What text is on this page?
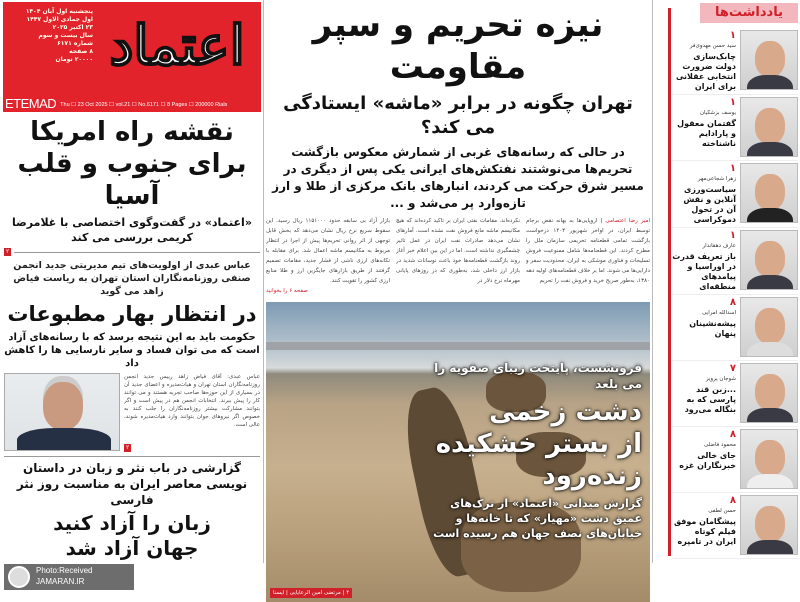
پنجشنبه اول آبان ۱۴۰۴
اول جمادی الاول ۱۴۴۷
۲۳ اکتبر ۲۰۲۵
سال بیست و سوم
شماره ۶۱۷۱
۸ صفحه
۲۰۰۰۰ تومان اعتماد
ETEMAD Thu ☐ 23 Oct 2025 ☐ vol.21 ☐ No.6171 ☐ 8 Pages ☐ 200000 Rials
نقشه راه امریکا
برای جنوب و قلب آسیا
«اعتماد» در گفت‌وگوی اختصاصی با غلامرضا کریمی بررسی می کند
۲
عباس عبدی از اولویت‌های تیم مدیریتی جدید انجمن صنفی روزنامه‌نگاران استان تهران به ریاست فیاض زاهد می گوید
در انتظار بهار مطبوعات
حکومت باید به این نتیجه برسد که با رسانه‌های آزاد است که می توان فساد و سایر نارسایی ها را کاهش داد
عباس عبدی: آقای فیاض زاهد رییس جدید انجمن روزنامه‌نگاران استان تهران و هیات‌مدیره و اعضای جدید آن در بسیاری از این حوزه‌ها صاحب تجربه هستند و می توانند کار را پیش ببرند. انتخابات انجمن هم در پیش است و اگر بتوانند مشارکت بیشتر روزنامه‌نگاران را جلب کنند به خصوص اگر نیروهای جوان بتوانند وارد هیات‌مدیره شوند، عالی است.
۲
گزارشی در باب نثر و زبان در داستان نویسی معاصر ایران به مناسبت روز نثر فارسی
زبان را آزاد کنید
جهان آزاد شد
Photo:Received
JAMARAN.IR
نیزه تحریم و سپر مقاومت
تهران چگونه در برابر «ماشه» ایستادگی می کند؟
در حالی که رسانه‌های غربی از شمارش معکوس بازگشت تحریم‌ها می‌نوشتند نفتکش‌های ایرانی یکی پس از دیگری در مسیر شرق حرکت می کردند، انبارهای بانک مرکزی از طلا و ارز تازه‌وارد پر می‌شد و ...
امیر رضا اعتصامی | اروپایی‌ها به بهانه نقض برجام توسط ایران، در اواخر شهریور ۱۴۰۴ درخواست بازگشت تمامی قطعنامه تحریمی سازمان ملل را مطرح کردند. این قطعنامه‌ها شامل ممنوعیت فروش تسلیحات و فناوری موشکی به ایران، محدودیت سفر و دارایی‌ها می شوند. اما بر خلاف قطعنامه‌های اولیه دهه ۱۳۸۰، به‌طور صریح خرید و فروش نفت را تحریم
نکرده‌اند. مقامات نفتی ایران بر تاکید کرده‌اند که هیچ مکانیسم ماشه مانع فروش نفت نشده است. آمارهای نشان می‌دهد صادرات نفت ایران در عمل تاثیر چشمگیری نداشته است. اما در این بین اعلام خبر آغاز روند بازگشت قطعنامه‌ها خود باعث نوسانات شدید در بازار ارز داخلی شد، به‌طوری که در روزهای پایانی مهرماه نرخ دلار در
بازار آزاد بی سابقه حدود ۱۱۵۱۰۰۰ ریال رسید. این سقوط سریع نرخ ریال نشان می‌دهد که بخش قابل توجهی از اثر روانی تحریم‌ها پیش از اجرا در انتظار مربوط به مکانیسم ماشه اعمال شد. برای مقابله با تکانه‌های ارزی ناشی از فشار جدید، مقامات تصمیم گرفتند از طریق بازارهای جایگزین ارز و طلا منابع ارزی کشور را تقویت کنند.
صفحه ۶ را بخوانید
فرونشست، پایتخت زیبای صفویه را می بلعد
دشت زخمی
از بستر خشکیده
زنده‌رود
گزارش میدانی «اعتماد» از ترک‌های عمیق دشت «مهیار» که تا خانه‌ها و خیابان‌های نصف جهان هم رسیده است
۴ | مرتضی امین الرعایایی | ایسنا
یادداشت‌ها
۱
سید حسن مهدوی‌فر
چابک‌سازی دولت ضرورت انتخابی عقلانی برای ایران
۱
یوسف بزشکیان
گفتمان معقول و پارادایم ناشناخته
۱
زهرا شجاعی‌مهر
سیاست‌ورزی آنلاین و نقش آن در تحول دموکراسی
۱
عارف دهقاندار
باز تعریف قدرت در اوراسیا و پیامدهای منطقه‌ای
۸
اسدالله امرایی
پیشه‌نشینان پنهان
۷
شوجان پرویز
...زبن قند پارسی که به بنگاله می‌رود
۸
محمود فاضلی
جای خالی خبرنگاران غزه
۸
حسن لطفی
پیشگامان موفق فیلم کوتاه ایران در تامپره
